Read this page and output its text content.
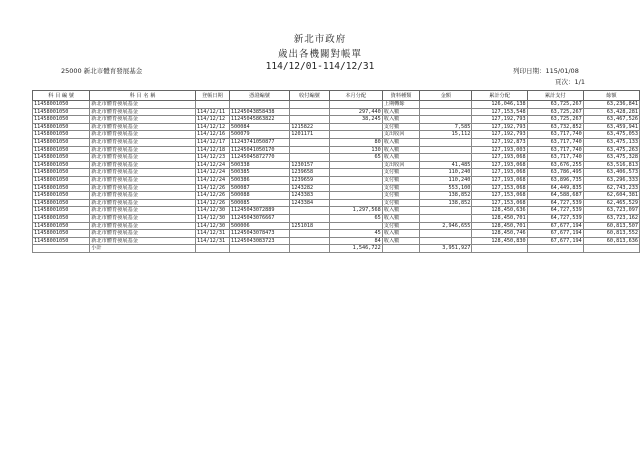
新北市政府
歲出各機關對帳單
114/12/01-114/12/31
25000 新北市體育發展基金	列印日期：115/01/08
頁次：1/1
科 目 編 號	科 目 名 稱	登帳日期	憑證編號	收付編號	本月分配	資料種類	金額	累計分配	累計支付	餘額
11458001050	新北市體育發展基金					上期轉餘		126,046,138	63,725,267	63,236,841
11458001050	新北市體育發展基金	114/12/11	11245043858438		297,440	收入數		127,153,548	63,725,267	63,428,281
11458001050	新北市體育發展基金	114/12/12	11245045863822		38,245	收入數		127,192,793	63,725,267	63,467,526
11458001050	新北市體育發展基金	114/12/12	500084	1215822		支付數	7,585	127,192,793	63,732,852	63,459,941
11458001050	新北市體育發展基金	114/12/16	500079	1201171		支出收回	15,112	127,192,793	63,717,740	63,475,053
11458001050	新北市體育發展基金	114/12/17	11243741050877		80	收入數		127,192,873	63,717,740	63,475,133
11458001050	新北市體育發展基金	114/12/18	11245041050170		130	收入數		127,193,003	63,717,740	63,475,263
11458001050	新北市體育發展基金	114/12/23	11245045872770		65	收入數		127,193,068	63,717,740	63,475,328
11458001050	新北市體育發展基金	114/12/24	500338	1230157		支出收回	41,485	127,193,068	63,676,255	63,516,813
11458001050	新北市體育發展基金	114/12/24	500385	1239658		支付數	110,240	127,193,068	63,786,495	63,406,573
11458001050	新北市體育發展基金	114/12/24	500386	1239659		支付數	110,240	127,193,068	63,896,735	63,296,333
11458001050	新北市體育發展基金	114/12/26	500087	1243282		支付數	553,100	127,153,068	64,449,835	62,743,233
11458001050	新北市體育發展基金	114/12/26	500088	1243383		支付數	138,852	127,153,068	64,588,687	62,604,381
11458001050	新北市體育發展基金	114/12/26	500085	1243384		支付數	138,852	127,153,068	64,727,539	62,465,529
11458001050	新北市體育發展基金	114/12/30	11245043072889		1,297,568	收入數		128,450,636	64,727,539	63,723,097
11458001050	新北市體育發展基金	114/12/30	11245043076667		65	收入數		128,450,701	64,727,539	63,723,162
11458001050	新北市體育發展基金	114/12/30	500006	1251018		支付數	2,946,655	128,450,701	67,677,194	60,813,507
11458001050	新北市體育發展基金	114/12/31	11245043078473		45	收入數		128,450,746	67,677,194	60,813,552
11458001050	新北市體育發展基金	114/12/31	11245043083723		84	收入數		128,450,830	67,677,194	60,813,636
	小計				1,546,722		3,951,927			
